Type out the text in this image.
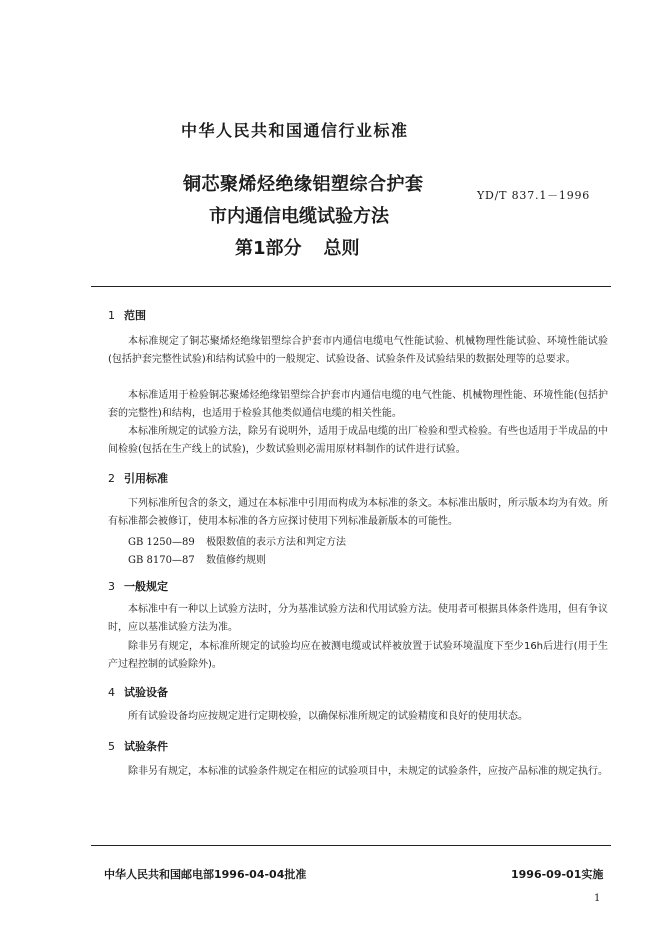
中华人民共和国通信行业标准
铜芯聚烯烃绝缘铝塑综合护套
市内通信电缆试验方法
第1部分 总则
YD/T 837.1－1996
1 范围
本标准规定了铜芯聚烯烃绝缘铝塑综合护套市内通信电缆电气性能试验、机械物理性能试验、环境性能试验(包括护套完整性试验)和结构试验中的一般规定、试验设备、试验条件及试验结果的数据处理等的总要求。
本标准适用于检验铜芯聚烯烃绝缘铝塑综合护套市内通信电缆的电气性能、机械物理性能、环境性能(包括护套的完整性)和结构，也适用于检验其他类似通信电缆的相关性能。
本标准所规定的试验方法，除另有说明外，适用于成品电缆的出厂检验和型式检验。有些也适用于半成品的中间检验(包括在生产线上的试验)，少数试验则必需用原材料制作的试件进行试验。
2 引用标准
下列标准所包含的条文，通过在本标准中引用而构成为本标准的条文。本标准出版时，所示版本均为有效。所有标准都会被修订，使用本标准的各方应探讨使用下列标准最新版本的可能性。
GB 1250—89 极限数值的表示方法和判定方法
GB 8170—87 数值修约规则
3 一般规定
本标准中有一种以上试验方法时，分为基准试验方法和代用试验方法。使用者可根据具体条件选用，但有争议时，应以基准试验方法为准。
除非另有规定，本标准所规定的试验均应在被测电缆或试样被放置于试验环境温度下至少16h后进行(用于生产过程控制的试验除外)。
4 试验设备
所有试验设备均应按规定进行定期校验，以确保标准所规定的试验精度和良好的使用状态。
5 试验条件
除非另有规定，本标准的试验条件规定在相应的试验项目中，未规定的试验条件，应按产品标准的规定执行。
中华人民共和国邮电部1996-04-04批准	1996-09-01实施
1
